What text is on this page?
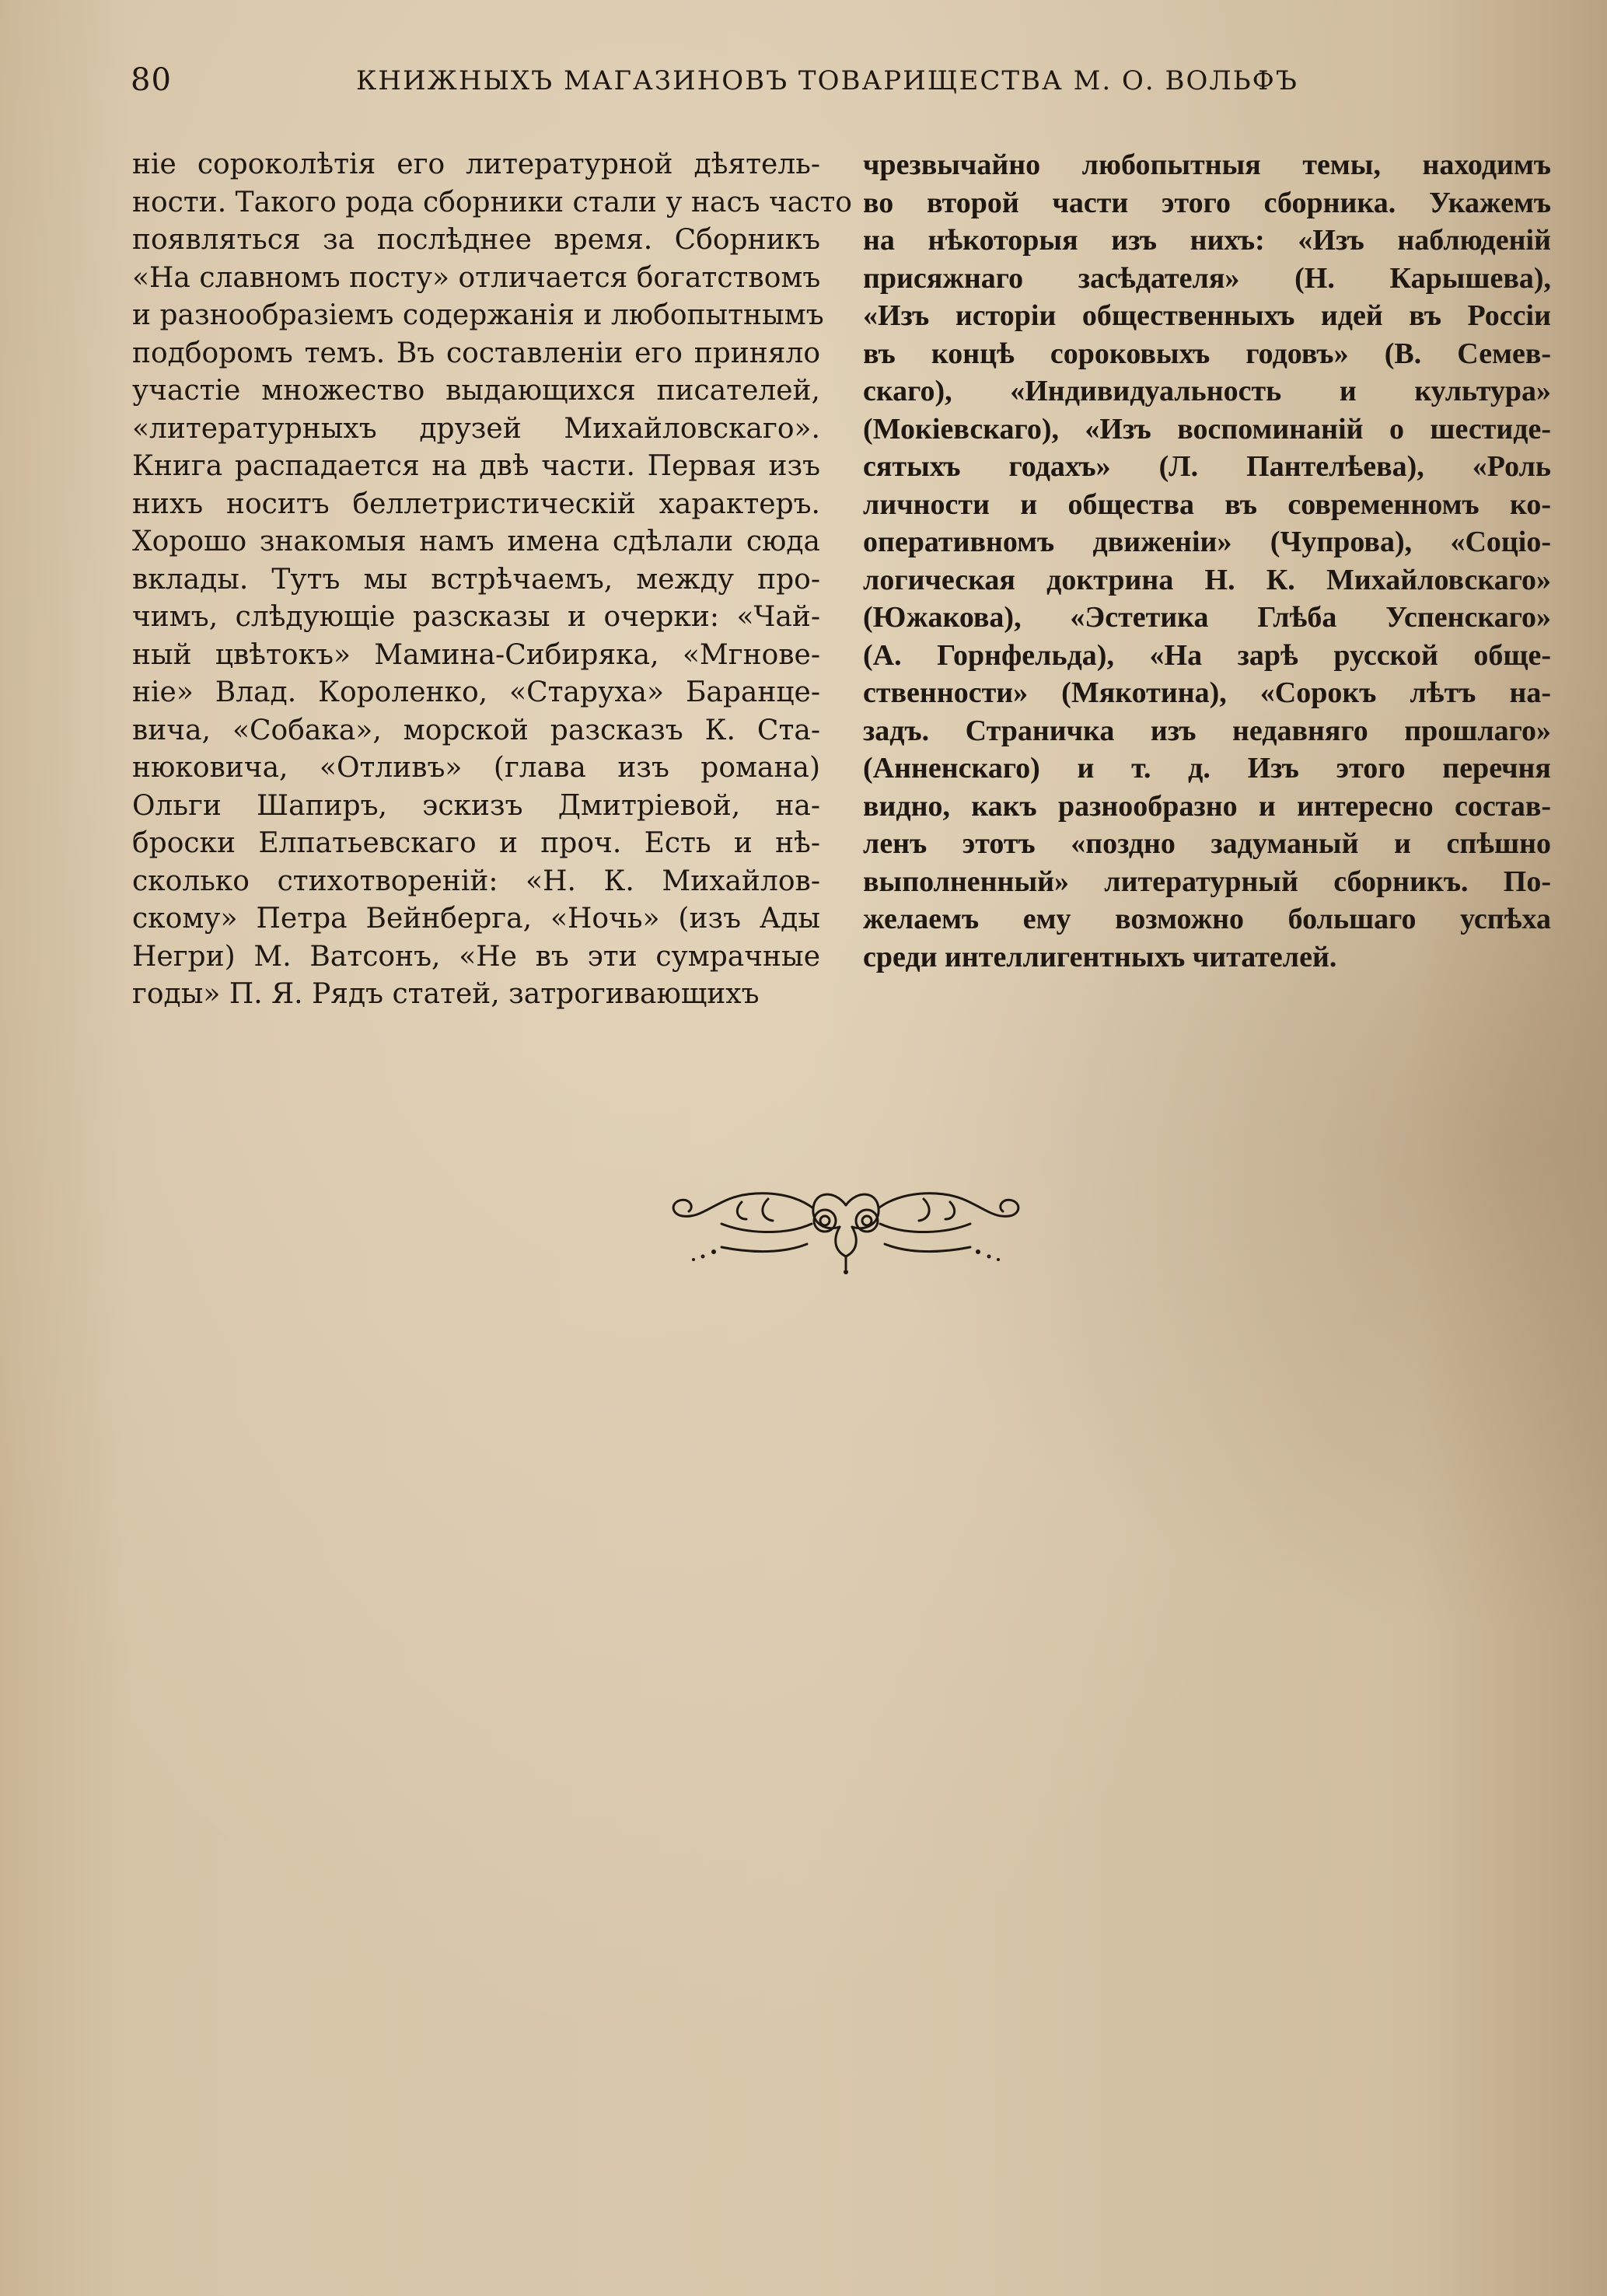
80	КНИЖНЫХЪ МАГАЗИНОВЪ ТОВАРИЩЕСТВА М. О. ВОЛЬФЪ
ніе сороколѣтія его литературной дѣятель-
ности. Такого рода сборники стали у насъ часто
появляться за послѣднее время. Сборникъ
«На славномъ посту» отличается богатствомъ
и разнообразіемъ содержанія и любопытнымъ
подборомъ темъ. Въ составленіи его приняло
участіе множество выдающихся писателей,
«литературныхъ друзей Михайловскаго».
Книга распадается на двѣ части. Первая изъ
нихъ носитъ беллетристическій характеръ.
Хорошо знакомыя намъ имена сдѣлали сюда
вклады. Тутъ мы встрѣчаемъ, между про-
чимъ, слѣдующіе разсказы и очерки: «Чай-
ный цвѣтокъ» Мамина-Сибиряка, «Мгнове-
ніе» Влад. Короленко, «Старуха» Баранце-
вича, «Собака», морской разсказъ К. Ста-
нюковича, «Отливъ» (глава изъ романа)
Ольги Шапиръ, эскизъ Дмитріевой, на-
броски Елпатьевскаго и проч. Есть и нѣ-
сколько стихотвореній: «Н. К. Михайлов-
скому» Петра Вейнберга, «Ночь» (изъ Ады
Негри) М. Ватсонъ, «Не въ эти сумрачные
годы» П. Я. Рядъ статей, затрогивающихъ
чрезвычайно любопытныя темы, находимъ
во второй части этого сборника. Укажемъ
на нѣкоторыя изъ нихъ: «Изъ наблюденій
присяжнаго засѣдателя» (Н. Карышева),
«Изъ исторіи общественныхъ идей въ Россіи
въ концѣ сороковыхъ годовъ» (В. Семев-
скаго), «Индивидуальность и культура»
(Мокіевскаго), «Изъ воспоминаній о шестиде-
сятыхъ годахъ» (Л. Пантелѣева), «Роль
личности и общества въ современномъ ко-
оперативномъ движеніи» (Чупрова), «Соціо-
логическая доктрина Н. К. Михайловскаго»
(Южакова), «Эстетика Глѣба Успенскаго»
(А. Горнфельда), «На зарѣ русской обще-
ственности» (Мякотина), «Сорокъ лѣтъ на-
задъ. Страничка изъ недавняго прошлаго»
(Анненскаго) и т. д. Изъ этого перечня
видно, какъ разнообразно и интересно состав-
ленъ этотъ «поздно задуманый и спѣшно
выполненный» литературный сборникъ. По-
желаемъ ему возможно большаго успѣха
среди интеллигентныхъ читателей.
